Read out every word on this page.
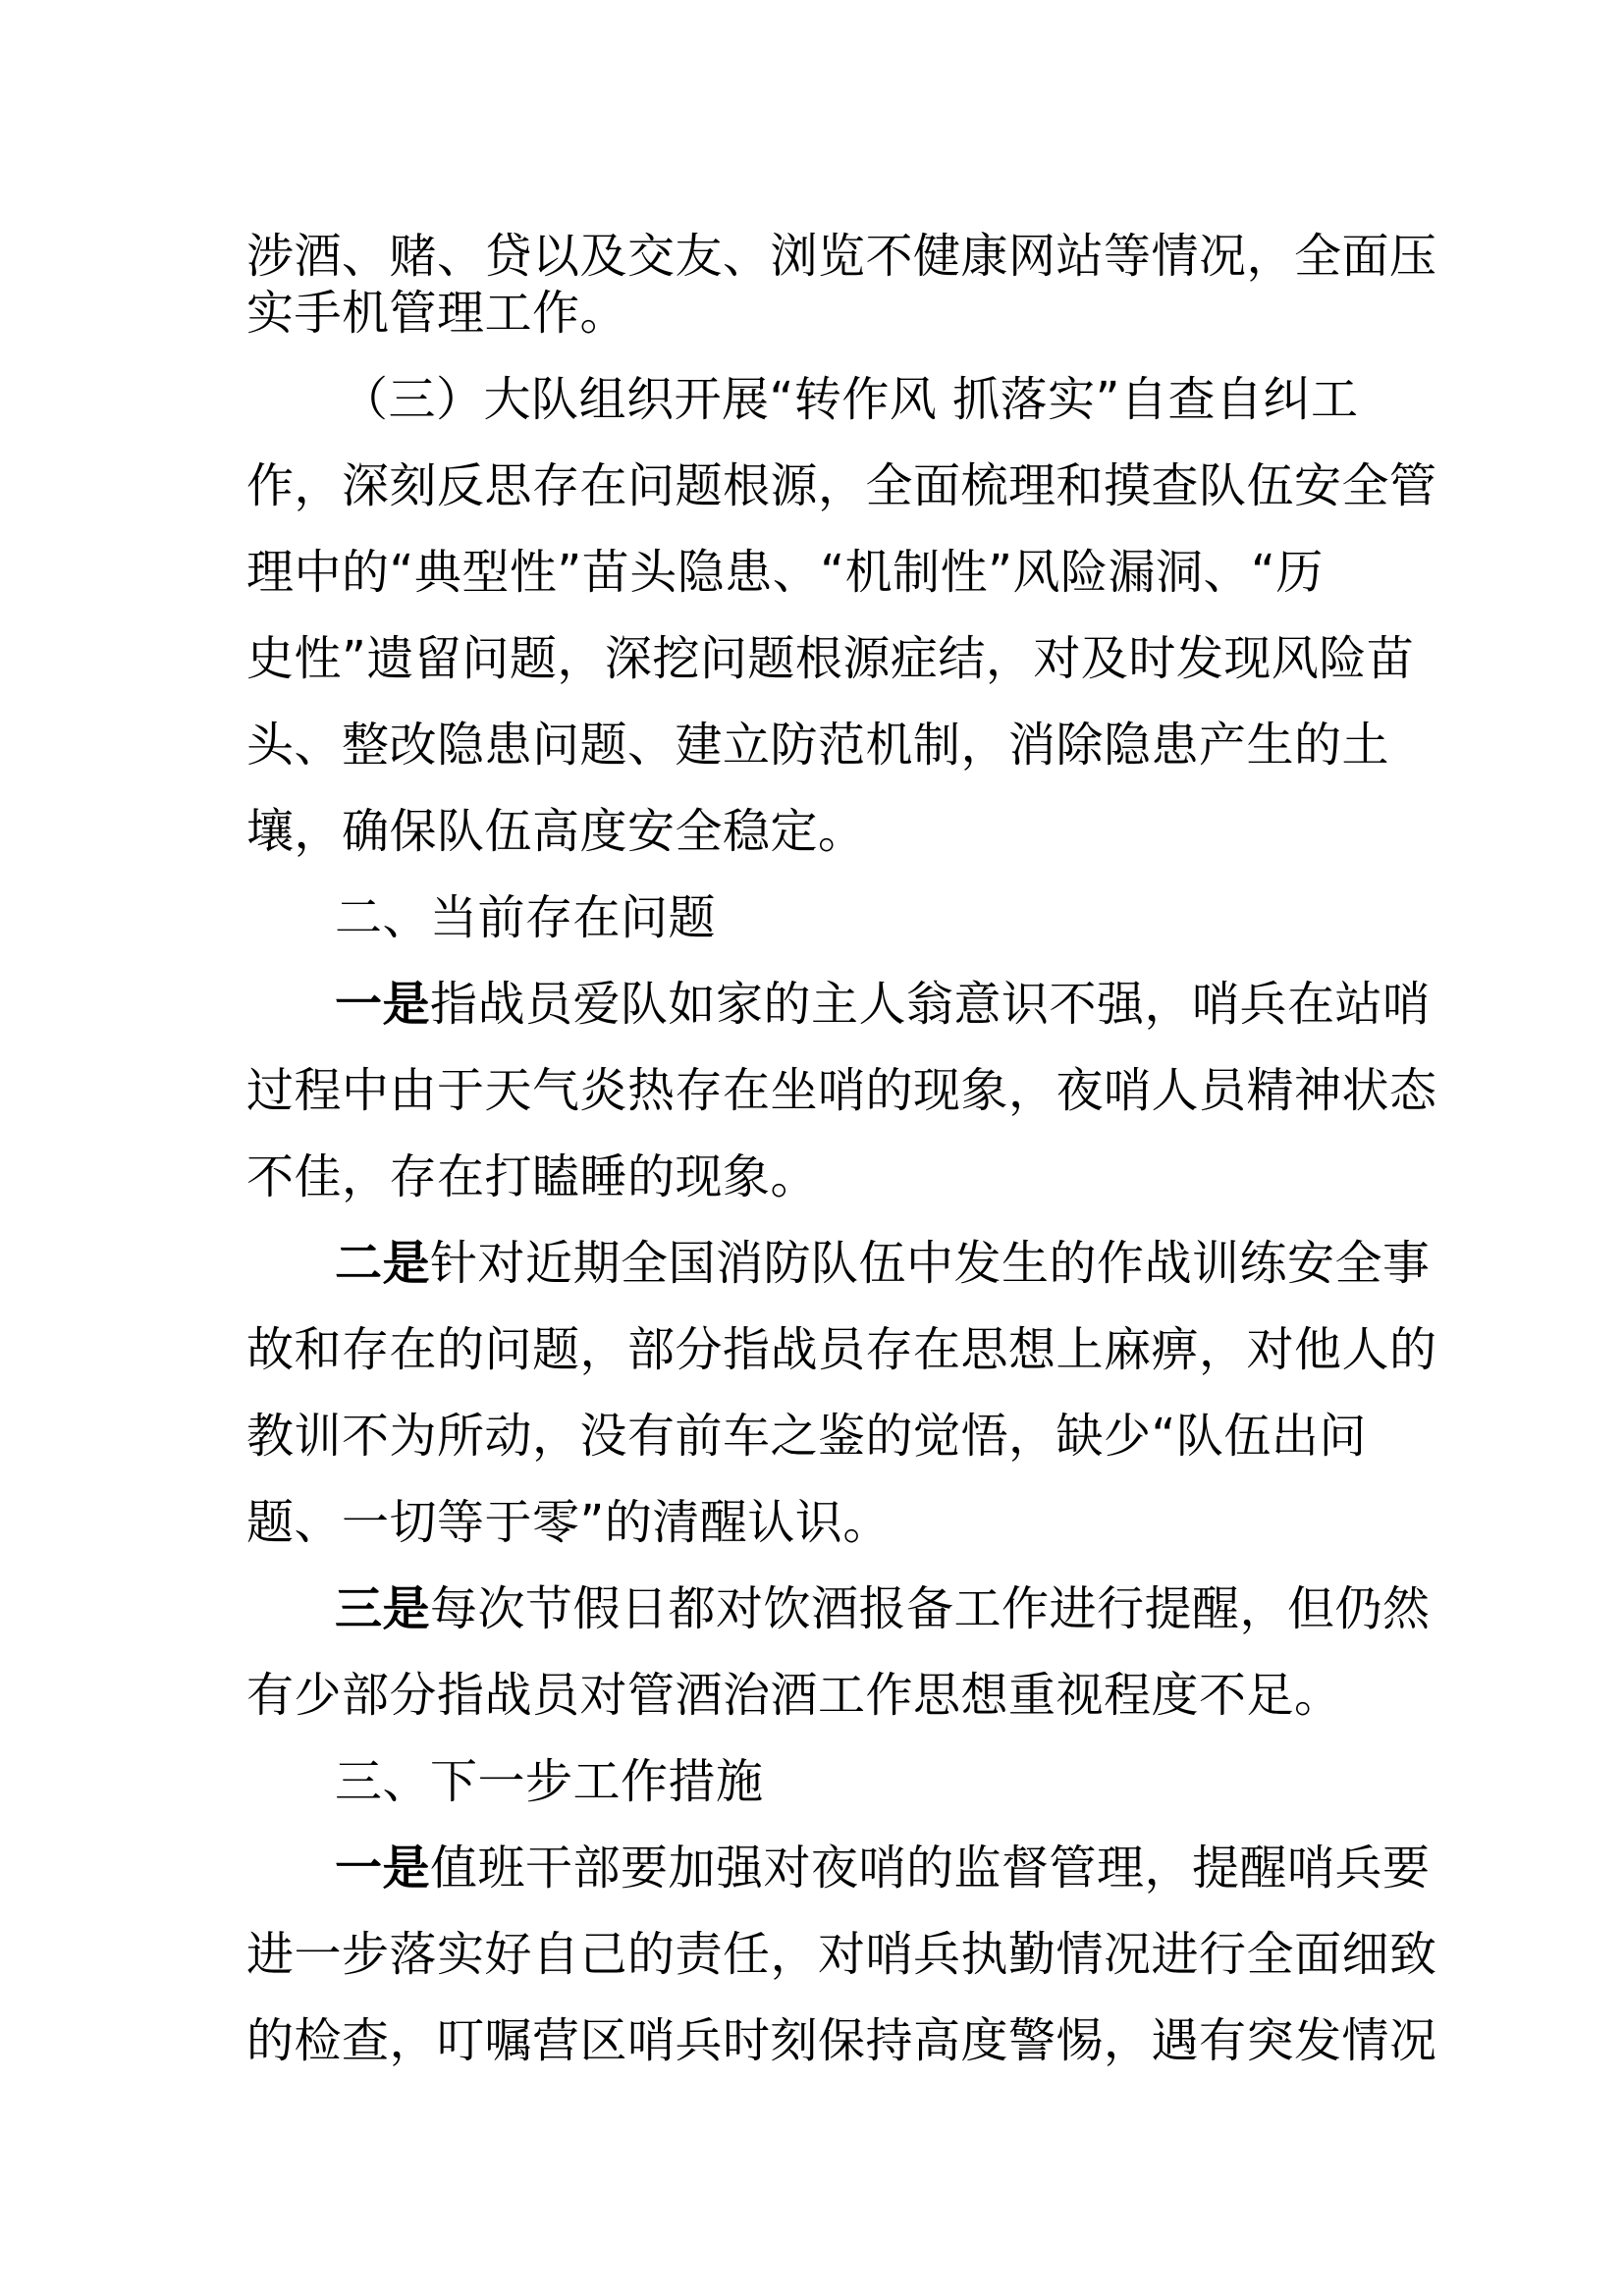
涉酒、赌、贷以及交友、浏览不健康网站等情况，全面压

实手机管理工作。

（三）大队组织开展“转作风 抓落实”自查自纠工

作，深刻反思存在问题根源，全面梳理和摸查队伍安全管

理中的“典型性”苗头隐患、“机制性”风险漏洞、“历

史性”遗留问题，深挖问题根源症结，对及时发现风险苗

头、整改隐患问题、建立防范机制，消除隐患产生的土

壤，确保队伍高度安全稳定。

二、当前存在问题

一是指战员爱队如家的主人翁意识不强，哨兵在站哨

过程中由于天气炎热存在坐哨的现象，夜哨人员精神状态

不佳，存在打瞌睡的现象。

二是针对近期全国消防队伍中发生的作战训练安全事

故和存在的问题，部分指战员存在思想上麻痹，对他人的

教训不为所动，没有前车之鉴的觉悟，缺少“队伍出问

题、一切等于零”的清醒认识。

三是每次节假日都对饮酒报备工作进行提醒，但仍然

有少部分指战员对管酒治酒工作思想重视程度不足。

三、下一步工作措施

一是值班干部要加强对夜哨的监督管理，提醒哨兵要

进一步落实好自己的责任，对哨兵执勤情况进行全面细致

的检查，叮嘱营区哨兵时刻保持高度警惕，遇有突发情况
